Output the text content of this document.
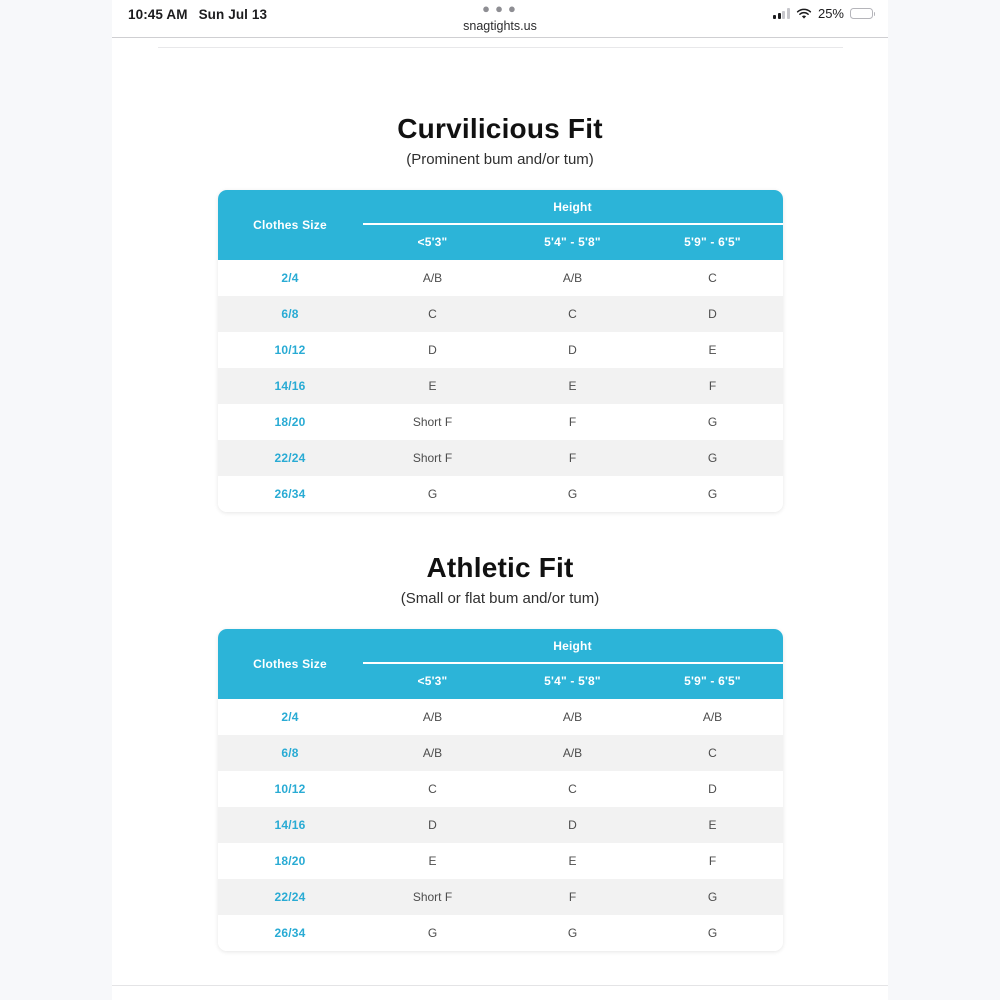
10:45 AM Sun Jul 13	● ● ●
snagtights.us
25%
Curvilicious Fit
(Prominent bum and/or tum)
Clothes Size
Height
<5'3"	5'4" - 5'8"	5'9" - 6'5"
2/4	A/B	A/B	C
6/8	C	C	D
10/12	D	D	E
14/16	E	E	F
18/20	Short F	F	G
22/24	Short F	F	G
26/34	G	G	G
Athletic Fit
(Small or flat bum and/or tum)
Clothes Size
Height
<5'3"	5'4" - 5'8"	5'9" - 6'5"
2/4	A/B	A/B	A/B
6/8	A/B	A/B	C
10/12	C	C	D
14/16	D	D	E
18/20	E	E	F
22/24	Short F	F	G
26/34	G	G	G
